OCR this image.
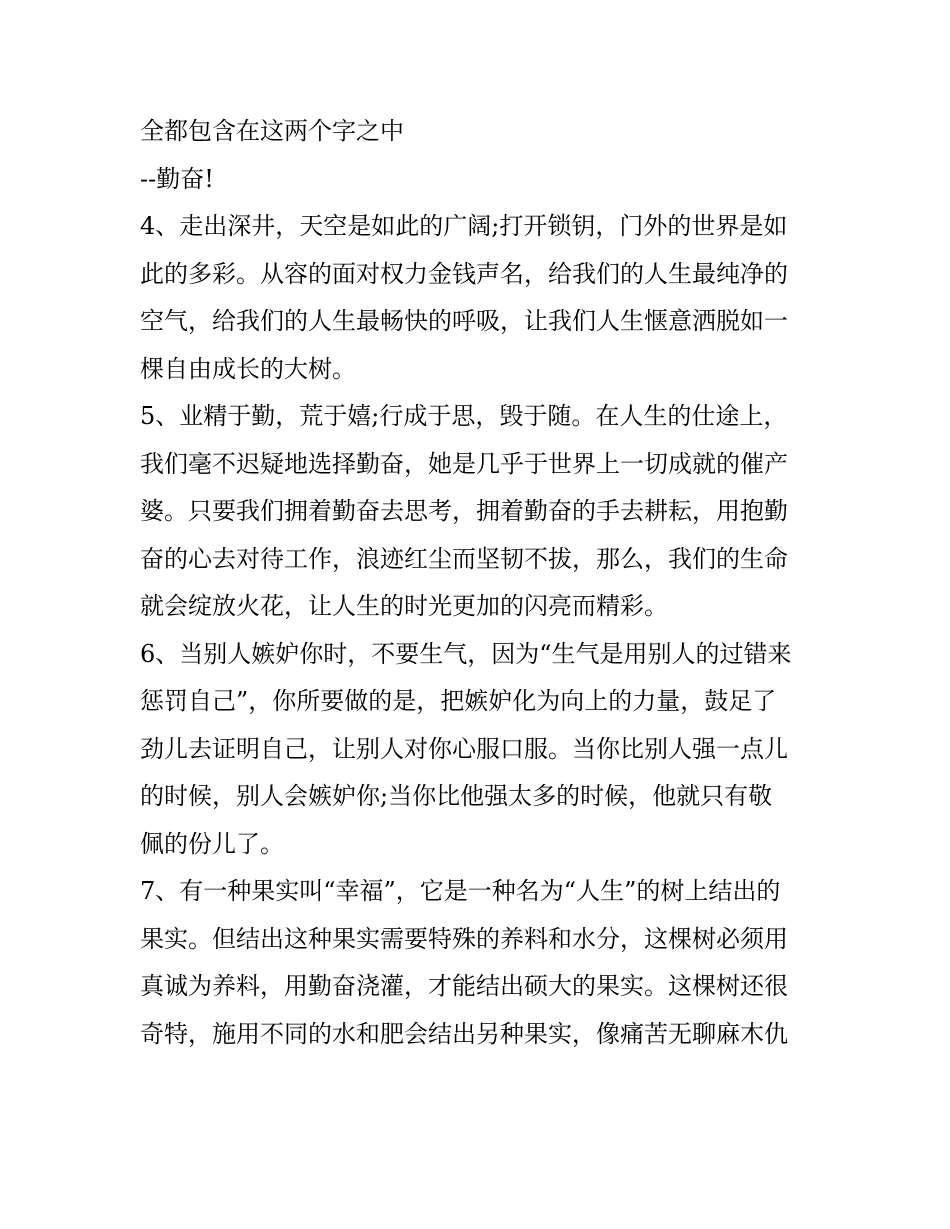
全都包含在这两个字之中
--勤奋!
4、走出深井，天空是如此的广阔;打开锁钥，门外的世界是如
此的多彩。从容的面对权力金钱声名，给我们的人生最纯净的
空气，给我们的人生最畅快的呼吸，让我们人生惬意洒脱如一
棵自由成长的大树。
5、业精于勤，荒于嬉;行成于思，毁于随。在人生的仕途上，
我们毫不迟疑地选择勤奋，她是几乎于世界上一切成就的催产
婆。只要我们拥着勤奋去思考，拥着勤奋的手去耕耘，用抱勤
奋的心去对待工作，浪迹红尘而坚韧不拔，那么，我们的生命
就会绽放火花，让人生的时光更加的闪亮而精彩。
6、当别人嫉妒你时，不要生气，因为“生气是用别人的过错来
惩罚自己”，你所要做的是，把嫉妒化为向上的力量，鼓足了
劲儿去证明自己，让别人对你心服口服。当你比别人强一点儿
的时候，别人会嫉妒你;当你比他强太多的时候，他就只有敬
佩的份儿了。
7、有一种果实叫“幸福”，它是一种名为“人生”的树上结出的
果实。但结出这种果实需要特殊的养料和水分，这棵树必须用
真诚为养料，用勤奋浇灌，才能结出硕大的果实。这棵树还很
奇特，施用不同的水和肥会结出另种果实，像痛苦无聊麻木仇
